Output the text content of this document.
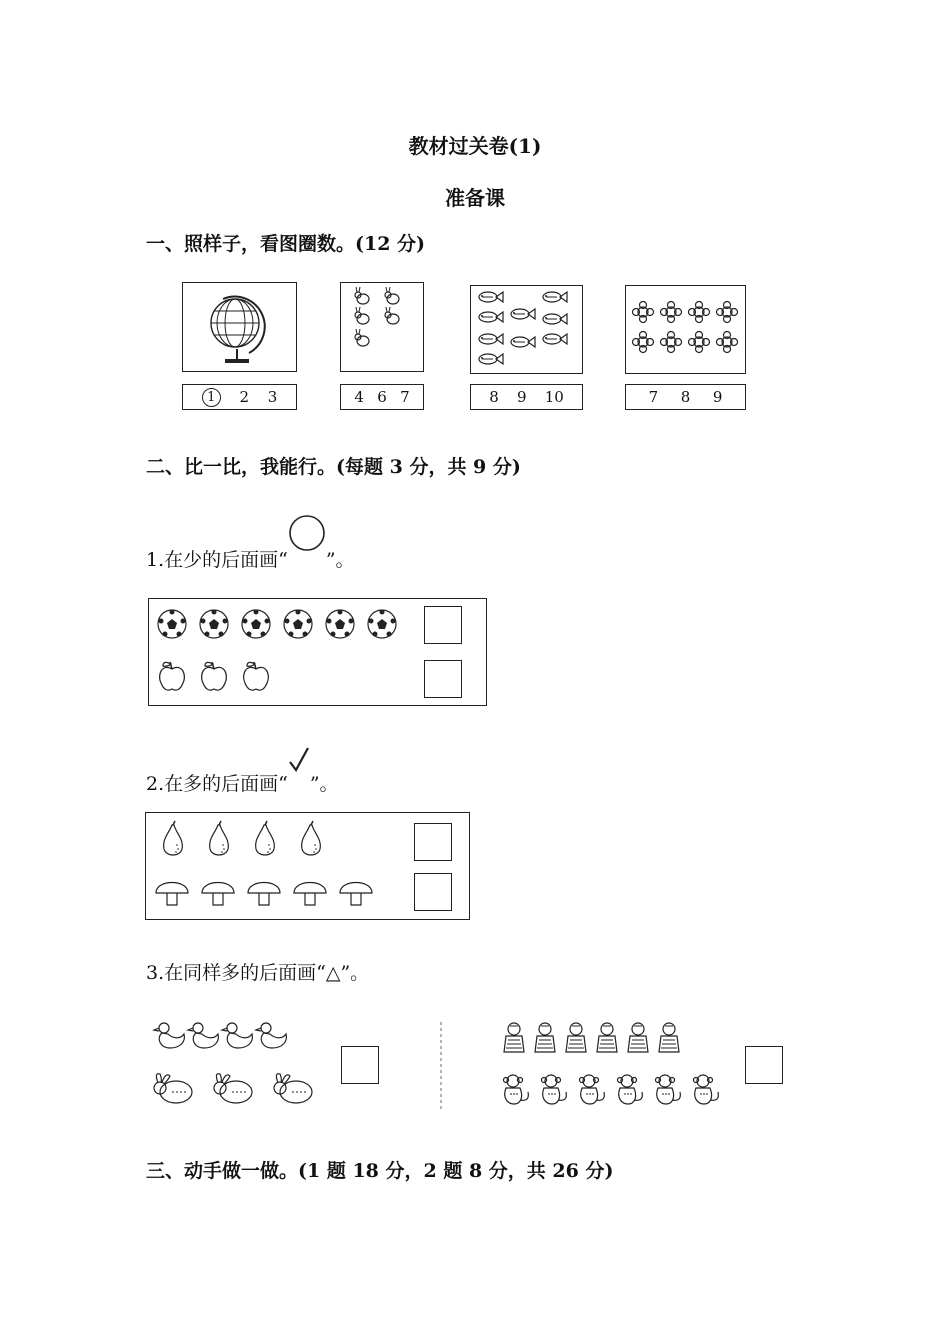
教材过关卷(1)
准备课
一、照样子，看图圈数。(12 分)
1	2 3	4 6 7	8 9 10	7 8 9
二、比一比，我能行。(每题 3 分，共 9 分)
1.在少的后面画“ ”。
2.在多的后面画“ ”。
3.在同样多的后面画“△”。
三、动手做一做。(1 题 18 分，2 题 8 分，共 26 分)
